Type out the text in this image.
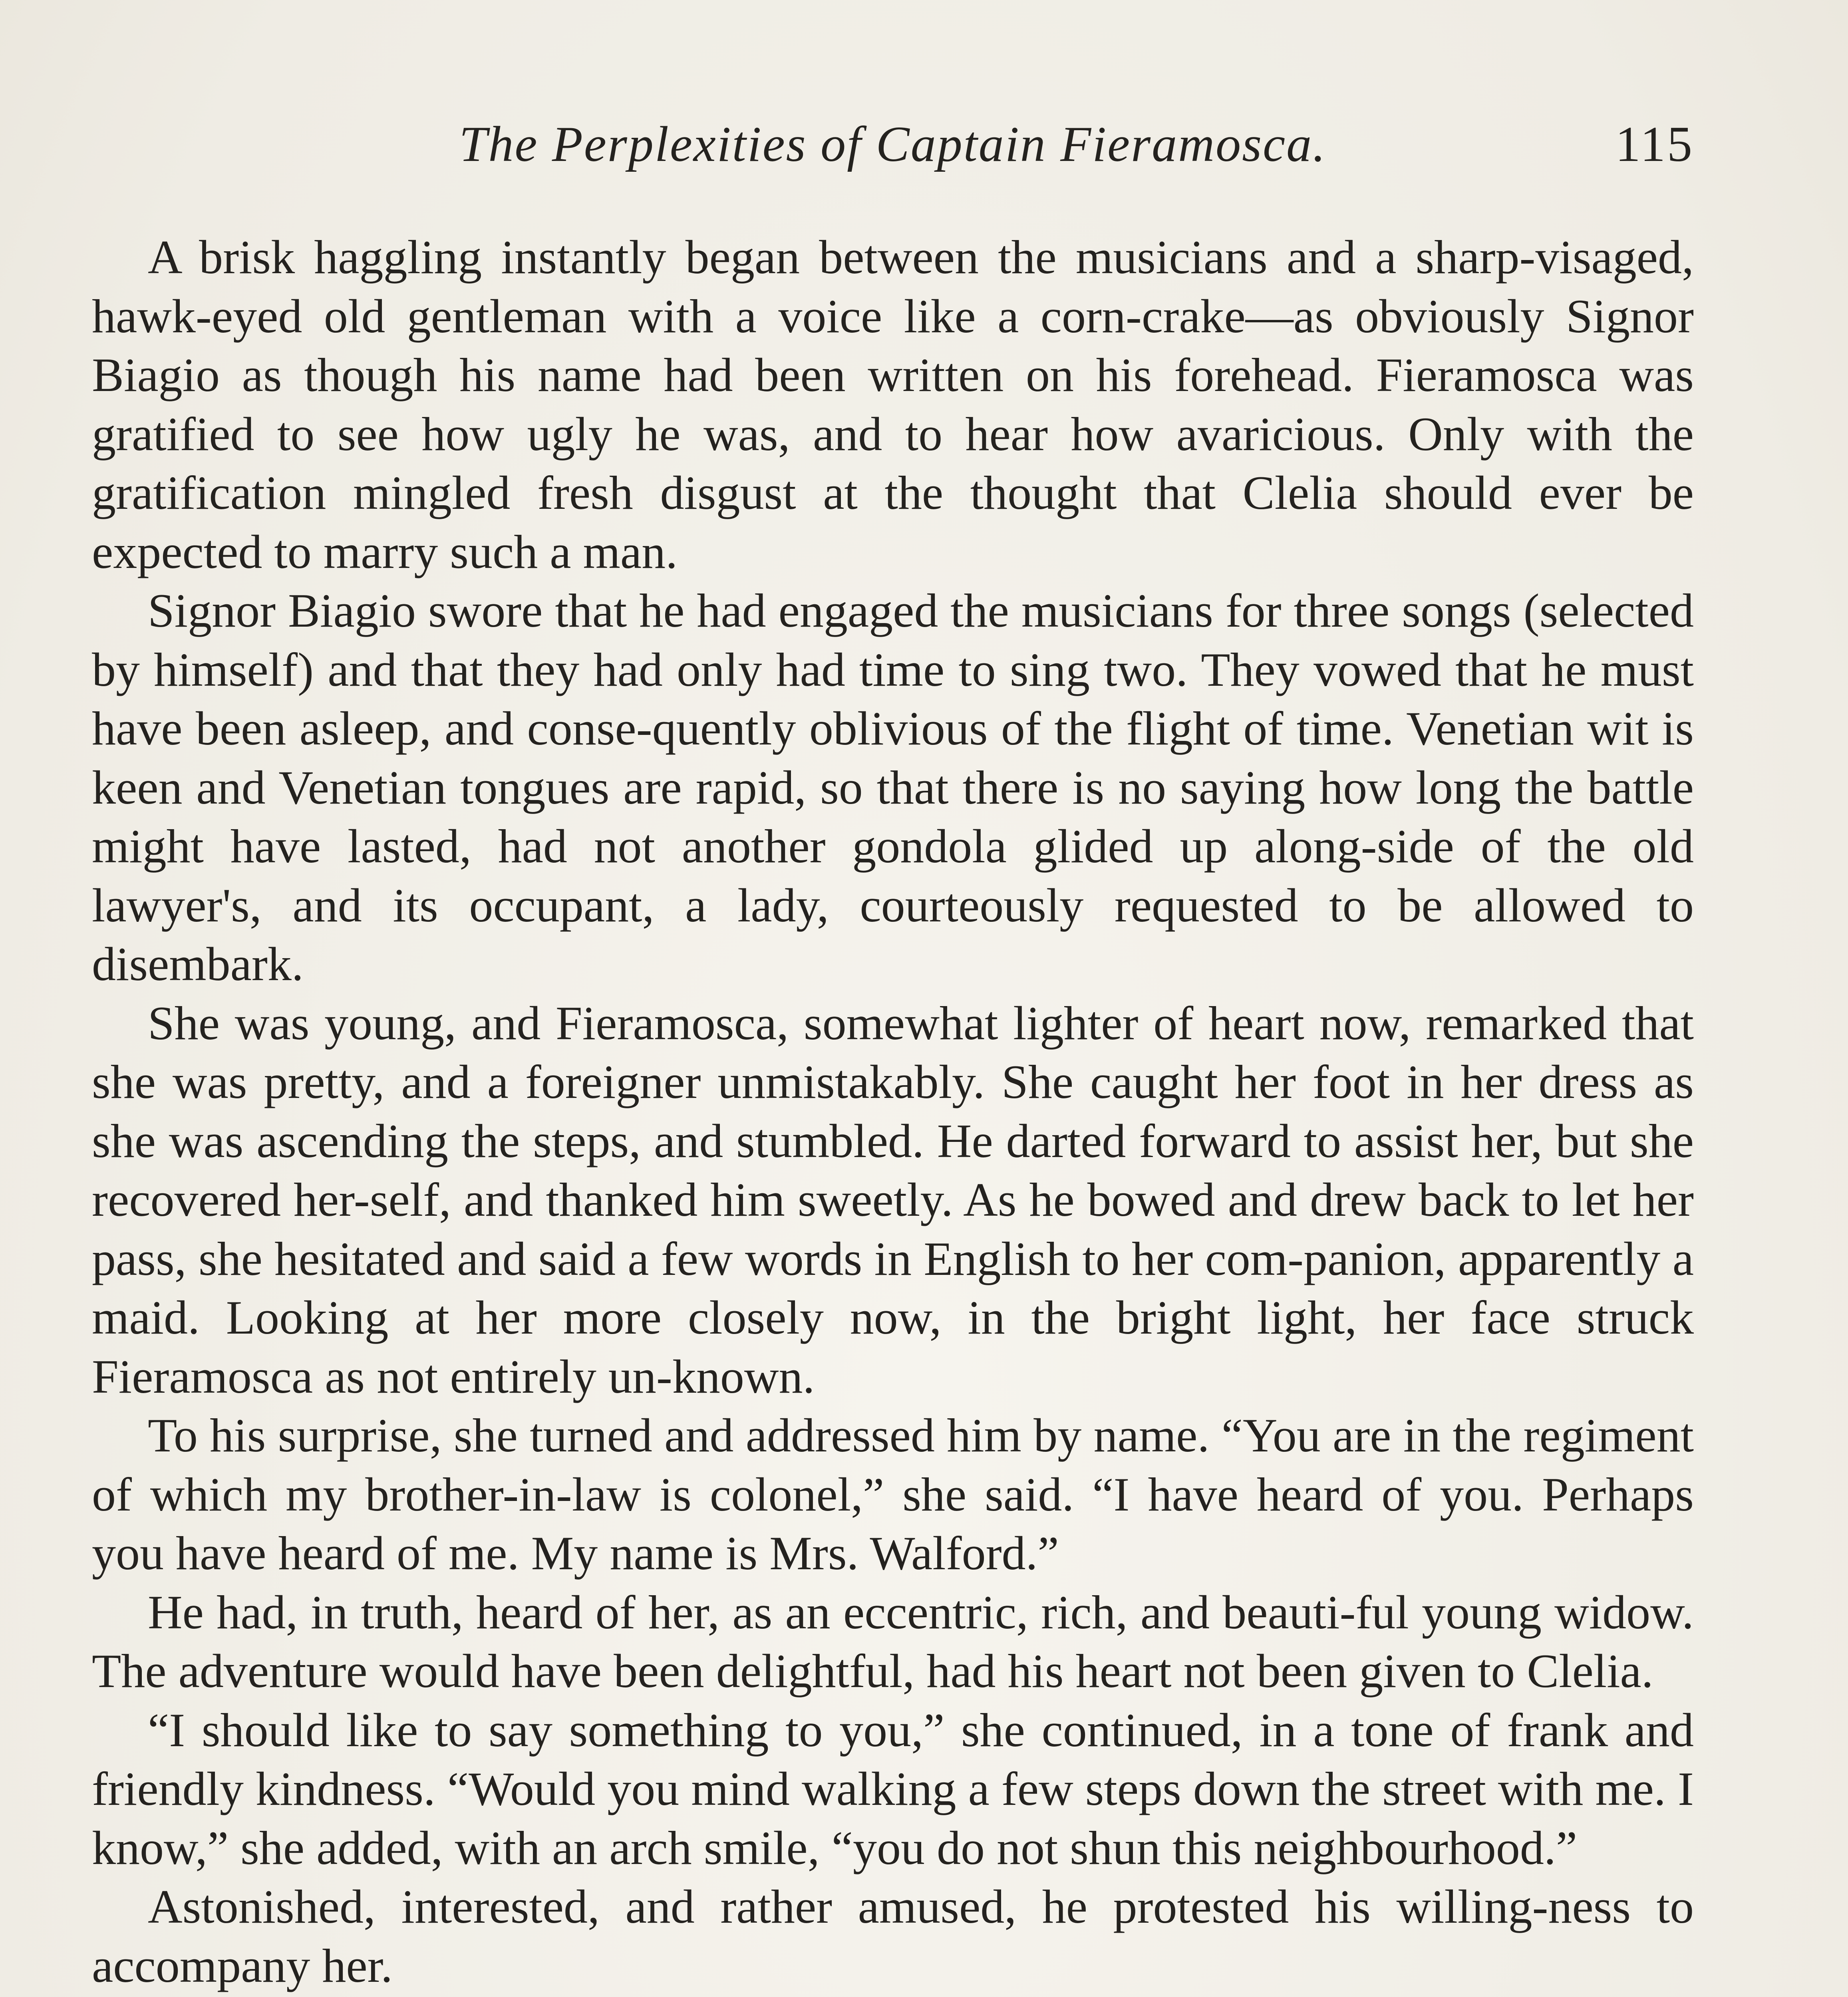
The Perplexities of Captain Fieramosca.	115

A brisk haggling instantly began between the musicians and a sharp-visaged, hawk-eyed old gentleman with a voice like a corn-crake—as obviously Signor Biagio as though his name had been written on his forehead. Fieramosca was gratified to see how ugly he was, and to hear how avaricious. Only with the gratification mingled fresh disgust at the thought that Clelia should ever be expected to marry such a man.

Signor Biagio swore that he had engaged the musicians for three songs (selected by himself) and that they had only had time to sing two. They vowed that he must have been asleep, and conse-quently oblivious of the flight of time. Venetian wit is keen and Venetian tongues are rapid, so that there is no saying how long the battle might have lasted, had not another gondola glided up along-side of the old lawyer's, and its occupant, a lady, courteously requested to be allowed to disembark.

She was young, and Fieramosca, somewhat lighter of heart now, remarked that she was pretty, and a foreigner unmistakably. She caught her foot in her dress as she was ascending the steps, and stumbled. He darted forward to assist her, but she recovered her-self, and thanked him sweetly. As he bowed and drew back to let her pass, she hesitated and said a few words in English to her com-panion, apparently a maid. Looking at her more closely now, in the bright light, her face struck Fieramosca as not entirely un-known.

To his surprise, she turned and addressed him by name. “You are in the regiment of which my brother-in-law is colonel,” she said. “I have heard of you. Perhaps you have heard of me. My name is Mrs. Walford.”

He had, in truth, heard of her, as an eccentric, rich, and beauti-ful young widow. The adventure would have been delightful, had his heart not been given to Clelia.

“I should like to say something to you,” she continued, in a tone of frank and friendly kindness. “Would you mind walking a few steps down the street with me. I know,” she added, with an arch smile, “you do not shun this neighbourhood.”

Astonished, interested, and rather amused, he protested his willing-ness to accompany her.
